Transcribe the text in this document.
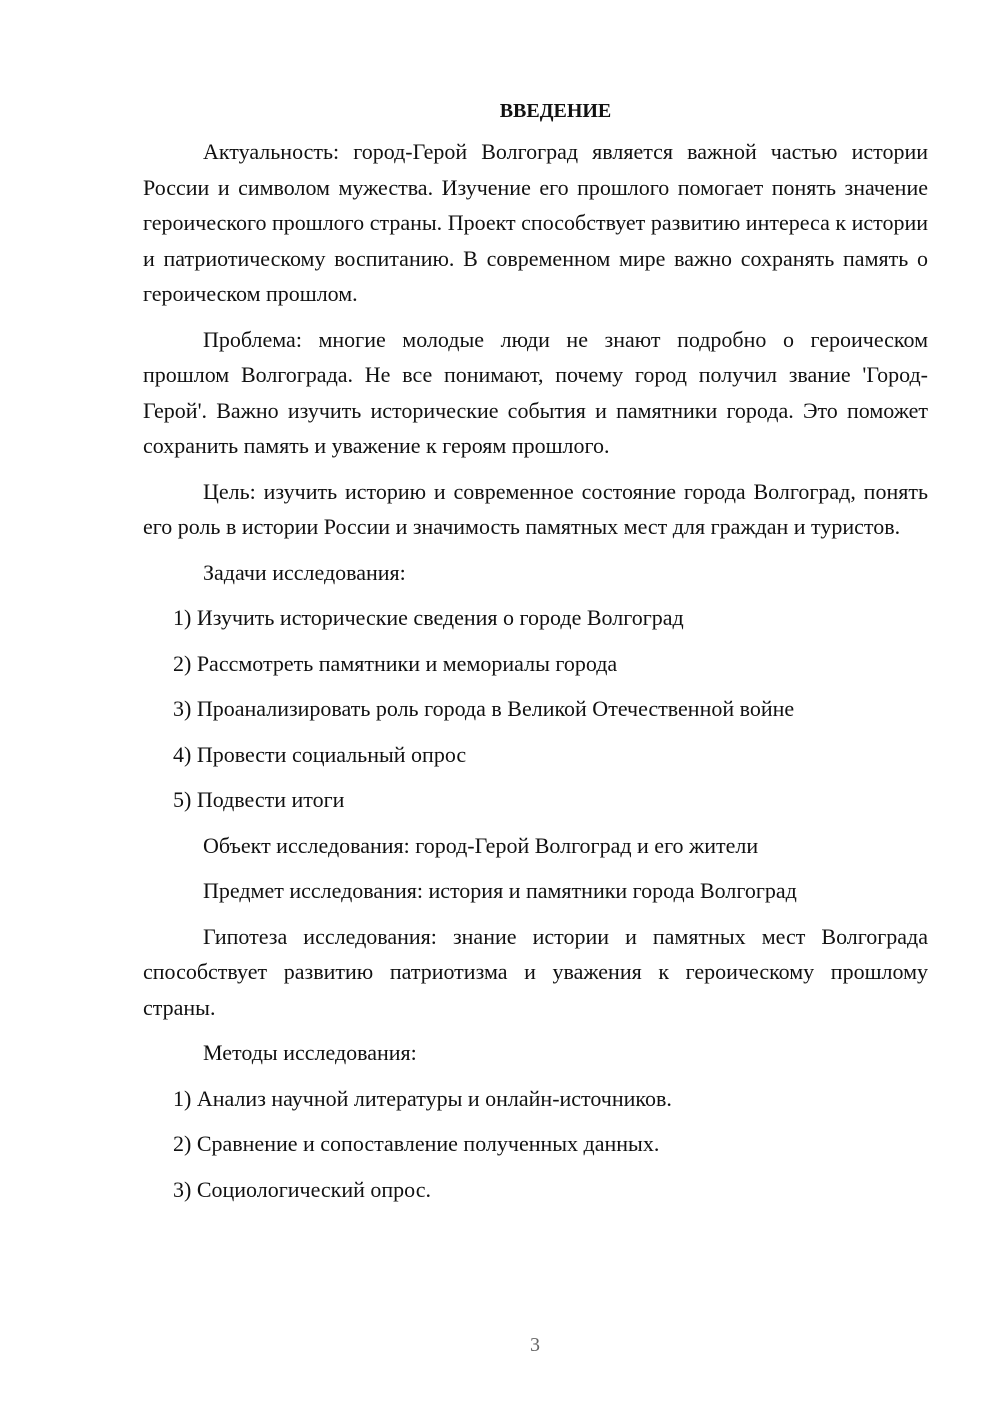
ВВЕДЕНИЕ

Актуальность: город-Герой Волгоград является важной частью истории России и символом мужества. Изучение его прошлого помогает понять значение героического прошлого страны. Проект способствует развитию интереса к истории и патриотическому воспитанию. В современном мире важно сохранять память о героическом прошлом.

Проблема: многие молодые люди не знают подробно о героическом прошлом Волгограда. Не все понимают, почему город получил звание 'Город-Герой'. Важно изучить исторические события и памятники города. Это поможет сохранить память и уважение к героям прошлого.

Цель: изучить историю и современное состояние города Волгоград, понять его роль в истории России и значимость памятных мест для граждан и туристов.

Задачи исследования:

1) Изучить исторические сведения о городе Волгоград
2) Рассмотреть памятники и мемориалы города
3) Проанализировать роль города в Великой Отечественной войне
4) Провести социальный опрос
5) Подвести итоги

Объект исследования: город-Герой Волгоград и его жители

Предмет исследования: история и памятники города Волгоград

Гипотеза исследования: знание истории и памятных мест Волгограда способствует развитию патриотизма и уважения к героическому прошлому страны.

Методы исследования:

1) Анализ научной литературы и онлайн-источников.
2) Сравнение и сопоставление полученных данных.
3) Социологический опрос.
3
